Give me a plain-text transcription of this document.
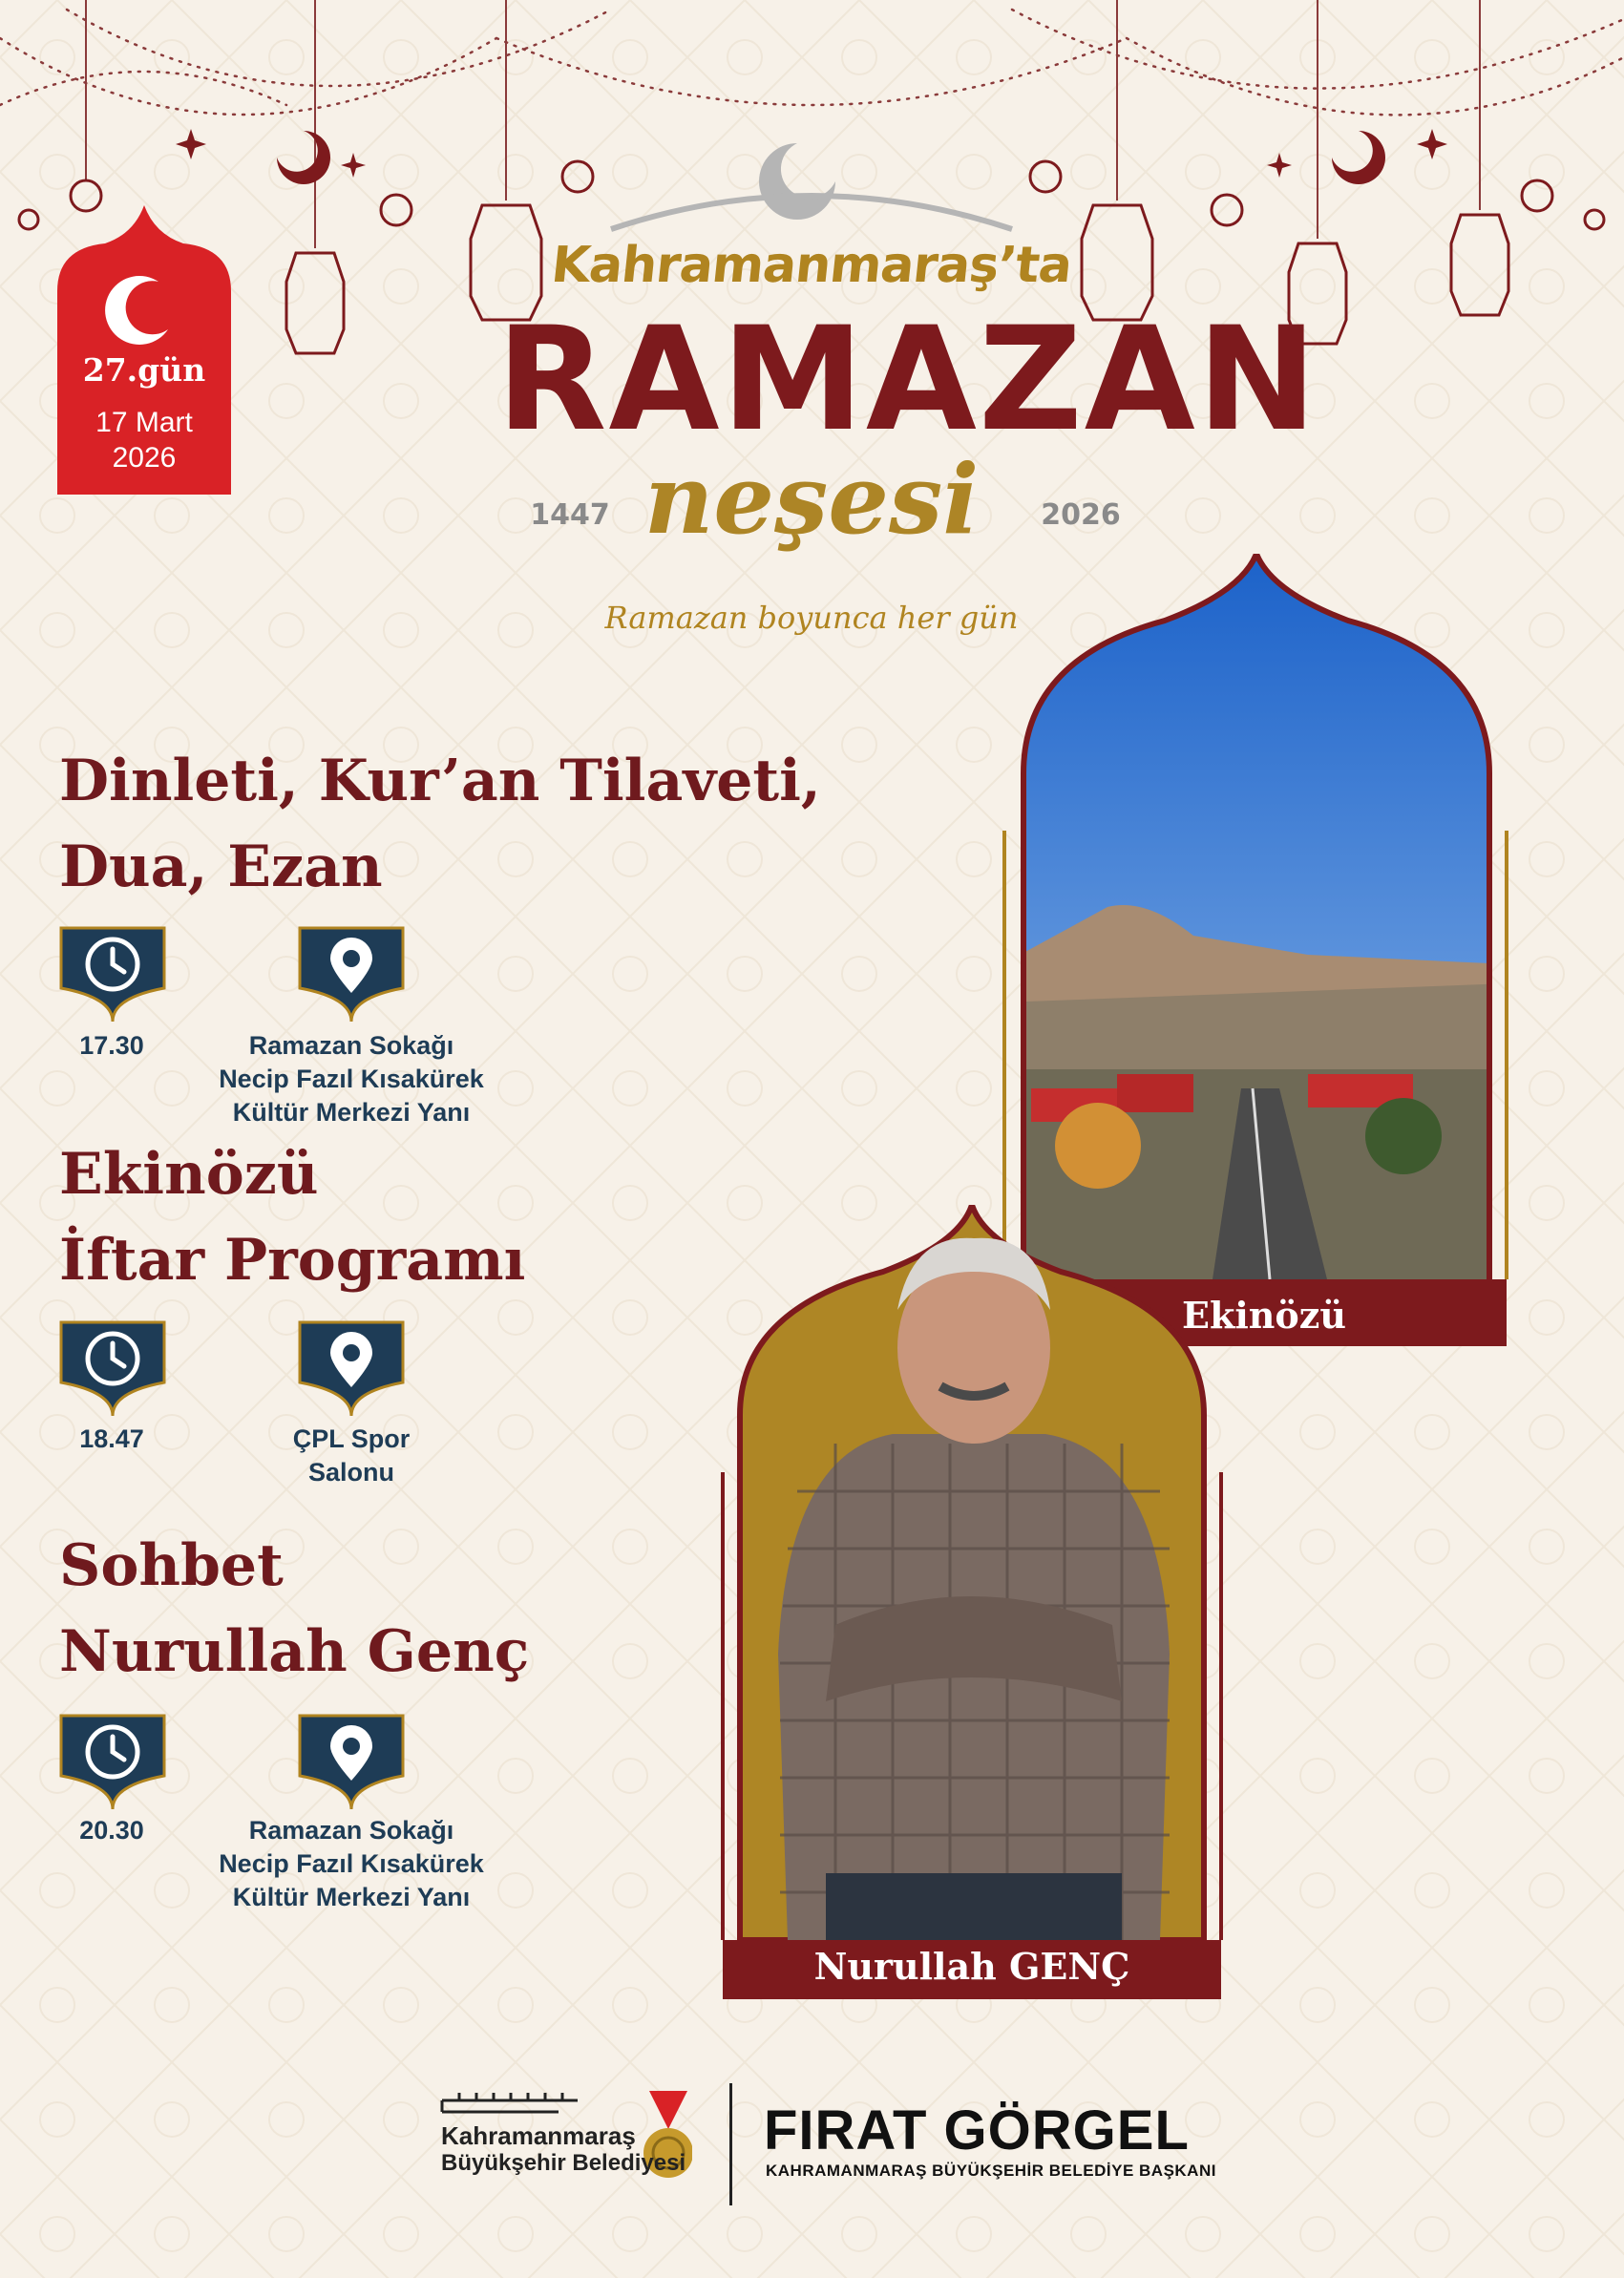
27.gün
17 Mart
2026
Kahramanmaraş’ta
RAMAZAN
neşesi
1447	2026
Ramazan boyunca her gün
Dinleti, Kur’an Tilaveti,
Dua, Ezan
Ekinözü
İftar Programı
Sohbet
Nurullah Genç
17.30	Ramazan Sokağı
Necip Fazıl Kısakürek
Kültür Merkezi Yanı
18.47	ÇPL Spor
Salonu
20.30	Ramazan Sokağı
Necip Fazıl Kısakürek
Kültür Merkezi Yanı
Ekinözü
Nurullah GENÇ
Kahramanmaraş
Büyükşehir Belediyesi
FIRAT GÖRGEL
KAHRAMANMARAŞ BÜYÜKŞEHİR BELEDİYE BAŞKANI
